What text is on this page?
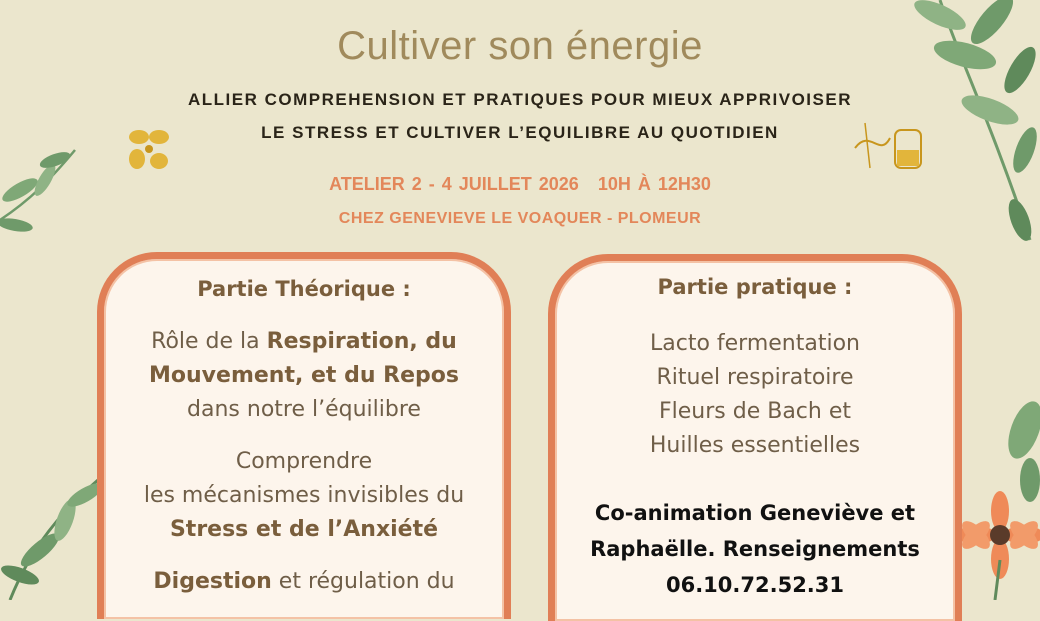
Cultiver son énergie
ALLIER COMPREHENSION ET PRATIQUES POUR MIEUX APPRIVOISER
LE STRESS ET CULTIVER L’EQUILIBRE AU QUOTIDIEN
ATELIER 2 - 4 JUILLET 2026 10H À 12H30
CHEZ GENEVIEVE LE VOAQUER - PLOMEUR
Partie Théorique :
Rôle de la Respiration, du
Mouvement, et du Repos
dans notre l’équilibre
Comprendre
les mécanismes invisibles du
Stress et de l’Anxiété
Digestion et régulation du
Partie pratique :
Lacto fermentation
Rituel respiratoire
Fleurs de Bach et
Huilles essentielles
Co-animation Geneviève et
Raphaëlle. Renseignements
06.10.72.52.31
